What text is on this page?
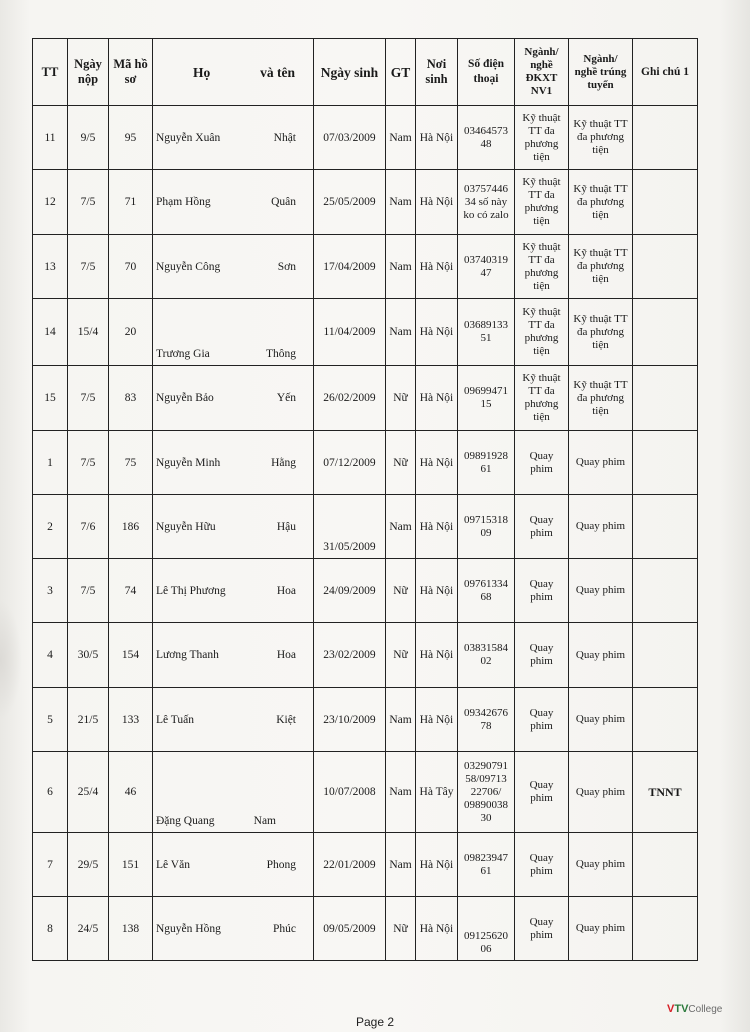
TT	Ngày nộp	Mã hồ sơ	Họ và tên	Ngày sinh	GT	Nơi sinh	Số điện thoại	Ngành/ nghề ĐKXT NV1	Ngành/ nghề trúng tuyển	Ghi chú 1
11	9/5	95	Nguyễn Xuân Nhật	07/03/2009	Nam	Hà Nội	03464573 48	Kỹ thuật TT đa phương tiện	Kỹ thuật TT đa phương tiện	
12	7/5	71	Phạm Hồng Quân	25/05/2009	Nam	Hà Nội	03757446 34 số này ko có zalo	Kỹ thuật TT đa phương tiện	Kỹ thuật TT đa phương tiện	
13	7/5	70	Nguyễn Công Sơn	17/04/2009	Nam	Hà Nội	03740319 47	Kỹ thuật TT đa phương tiện	Kỹ thuật TT đa phương tiện	
14	15/4	20	Trương Gia Thông	11/04/2009	Nam	Hà Nội	03689133 51	Kỹ thuật TT đa phương tiện	Kỹ thuật TT đa phương tiện	
15	7/5	83	Nguyễn Bảo Yến	26/02/2009	Nữ	Hà Nội	09699471 15	Kỹ thuật TT đa phương tiện	Kỹ thuật TT đa phương tiện	
1	7/5	75	Nguyễn Minh Hằng	07/12/2009	Nữ	Hà Nội	09891928 61	Quay phim	Quay phim	
2	7/6	186	Nguyễn Hữu Hậu	31/05/2009	Nam	Hà Nội	09715318 09	Quay phim	Quay phim	
3	7/5	74	Lê Thị Phương Hoa	24/09/2009	Nữ	Hà Nội	09761334 68	Quay phim	Quay phim	
4	30/5	154	Lương Thanh Hoa	23/02/2009	Nữ	Hà Nội	03831584 02	Quay phim	Quay phim	
5	21/5	133	Lê Tuấn Kiệt	23/10/2009	Nam	Hà Nội	09342676 78	Quay phim	Quay phim	
6	25/4	46	Đặng Quang Nam	10/07/2008	Nam	Hà Tây	03290791 58/09713 22706/ 09890038 30	Quay phim	Quay phim	TNNT
7	29/5	151	Lê Văn Phong	22/01/2009	Nam	Hà Nội	09823947 61	Quay phim	Quay phim	
8	24/5	138	Nguyễn Hồng Phúc	09/05/2009	Nữ	Hà Nội	09125620 06	Quay phim	Quay phim	
Page 2
VTVCollege
